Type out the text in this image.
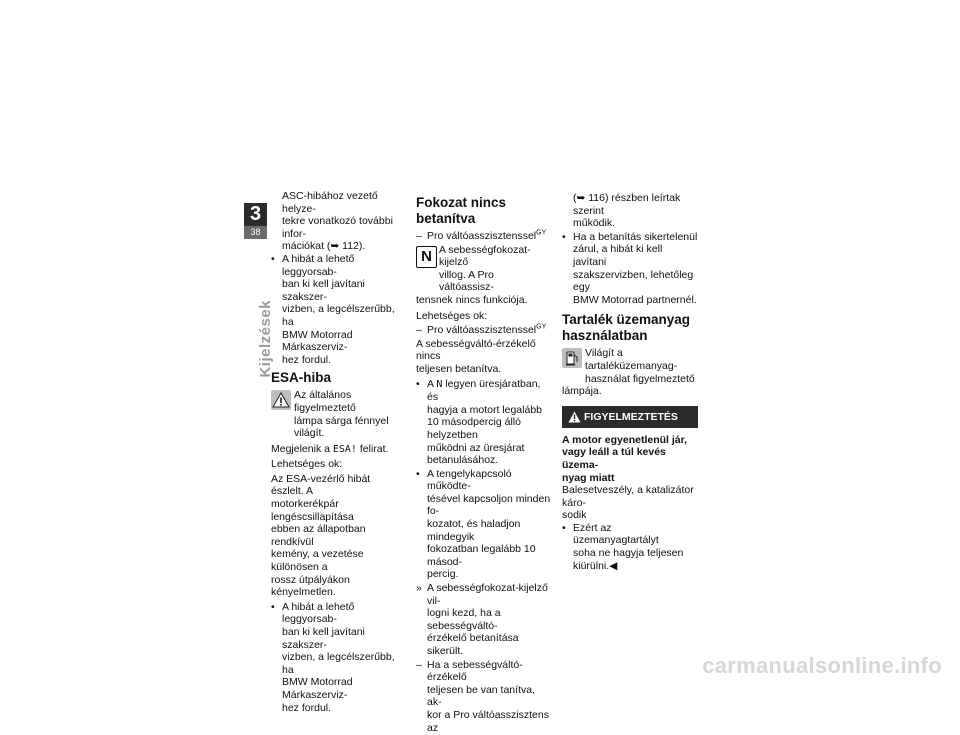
3
38
Kijelzések
ASC-hibához vezető helyze-
tekre vonatkozó további infor-
mációkat (➥ 112).
• A hibát a lehető leggyorsab-
ban ki kell javítani szakszer-
vizben, a legcélszerűbb, ha
BMW Motorrad Márkaszerviz-
hez fordul.
ESA-hiba
Az általános figyelmeztető
lámpa sárga fénnyel világít.

Megjelenik a ESA! felirat.

Lehetséges ok:

Az ESA-vezérlő hibát észlelt. A
motorkerékpár lengéscsillapítása
ebben az állapotban rendkívül
kemény, a vezetése különösen a
rossz útpályákon kényelmetlen.
• A hibát a lehető leggyorsab-
ban ki kell javítani szakszer-
vizben, a legcélszerűbb, ha
BMW Motorrad Márkaszerviz-
hez fordul.
Fokozat nincs betanítva
– Pro váltóasszisztenssel$^{GY}$
N A sebességfokozat-kijelző
villog. A Pro váltóassisz-
tensnek nincs funkciója.

Lehetséges ok:

– Pro váltóasszisztenssel$^{GY}$
A sebességváltó-érzékelő nincs
teljesen betanítva.
• A N legyen üresjáratban, és
hagyja a motort legalább
10 másodpercig álló helyzetben
működni az üresjárat
betanulásához.
• A tengelykapcsoló működte-
tésével kapcsoljon minden fo-
kozatot, és haladjon mindegyik
fokozatban legalább 10 másod-
percig.
» A sebességfokozat-kijelző vil-
logni kezd, ha a sebességváltó-
érzékelő betanítása sikerült.
– Ha a sebességváltó-érzékelő
teljesen be van tanítva, ak-
kor a Pro váltóasszisztens az
(➥ 116) részben leírtak szerint
működik.
• Ha a betanítás sikertelenül
zárul, a hibát ki kell javítani
szakszervizben, lehetőleg egy
BMW Motorrad partnernél.
Tartalék üzemanyag
használatban
Világít a tartaléküzemanyag-
használat figyelmeztető
lámpája.
FIGYELMEZTETÉS
A motor egyenetlenül jár,
vagy leáll a túl kevés üzema-
nyag miatt
Balesetveszély, a katalizátor káro-
sodik
• Ezért az üzemanyagtartályt
soha ne hagyja teljesen
kiürülni.◀
carmanualsonline.info
